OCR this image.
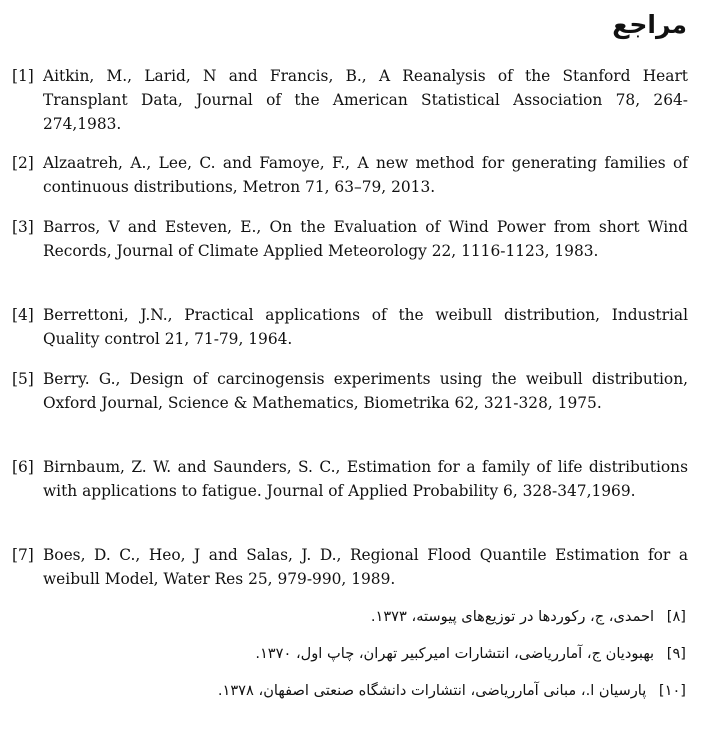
مراجع
[1] Aitkin, M., Larid, N and Francis, B., A Reanalysis of the Stanford Heart Transplant Data, Journal of the American Statistical Association 78, 264-274,1983.
[2] Alzaatreh, A., Lee, C. and Famoye, F., A new method for generating families of continuous distributions, Metron 71, 63–79, 2013.
[3] Barros, V and Esteven, E., On the Evaluation of Wind Power from short Wind Records, Journal of Climate Applied Meteorology 22, 1116-1123, 1983.
[4] Berrettoni, J.N., Practical applications of the weibull distribution, Industrial Quality control 21, 71-79, 1964.
[5] Berry. G., Design of carcinogensis experiments using the weibull distribution, Oxford Journal, Science & Mathematics, Biometrika 62, 321-328, 1975.
[6] Birnbaum, Z. W. and Saunders, S. C., Estimation for a family of life distributions with applications to fatigue. Journal of Applied Probability 6, 328-347,1969.
[7] Boes, D. C., Heo, J and Salas, J. D., Regional Flood Quantile Estimation for a weibull Model, Water Res 25, 979-990, 1989.

[۸] احمدی، ج، رکوردها در توزیع‌های پیوسته، ۱۳۷۳.

[۹] بهبودیان ج، آمارریاضی، انتشارات امیرکبیر تهران، چاپ اول، ۱۳۷۰.

[۱۰] پارسیان ا.، مبانی آمارریاضی، انتشارات دانشگاه صنعتی اصفهان، ۱۳۷۸.
